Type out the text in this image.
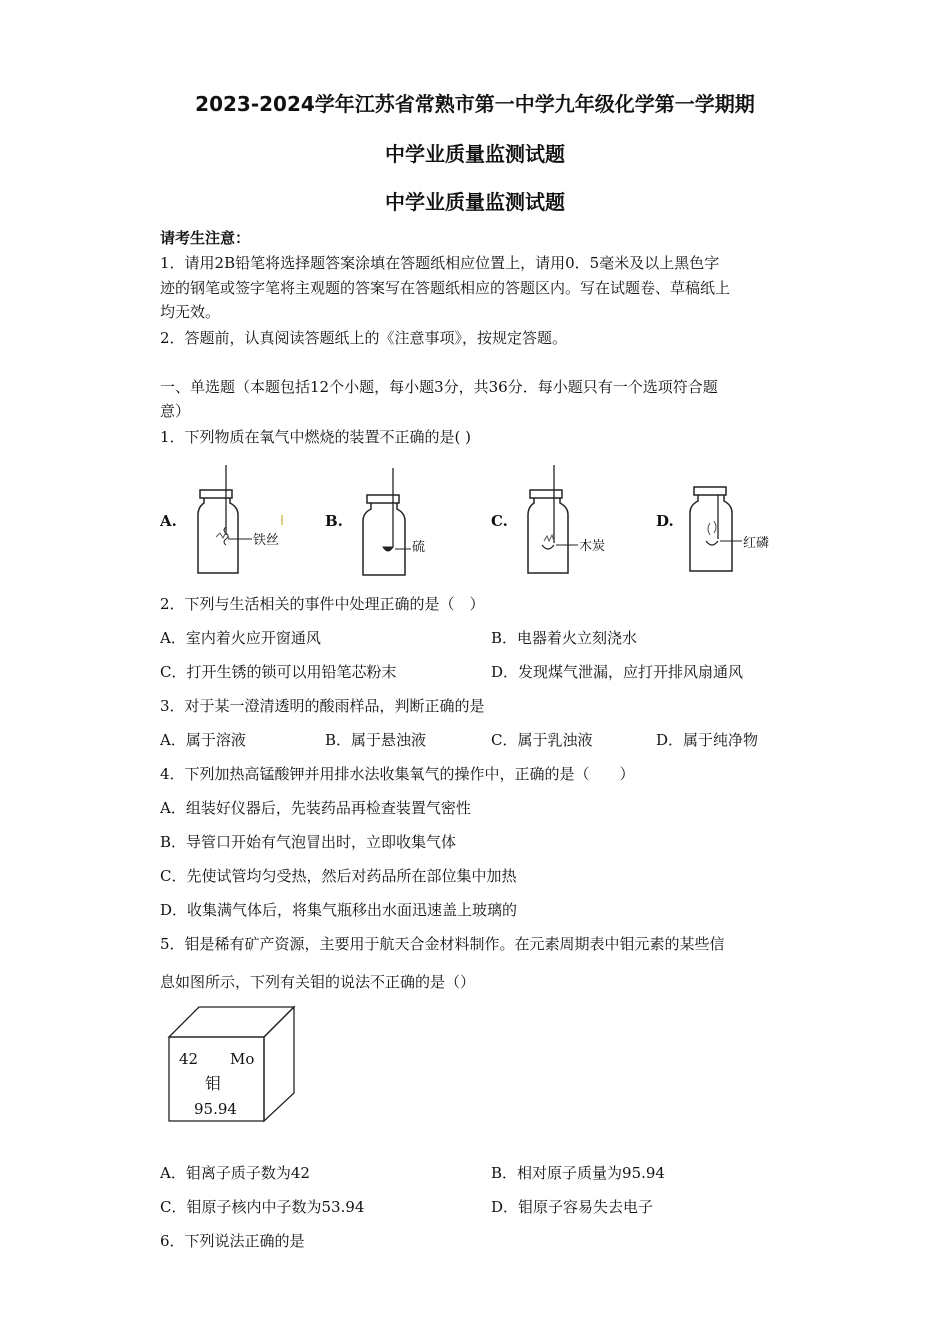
2023-2024学年江苏省常熟市第一中学九年级化学第一学期期
中学业质量监测试题
中学业质量监测试题
请考生注意：
1．请用2B铅笔将选择题答案涂填在答题纸相应位置上，请用0．5毫米及以上黑色字
迹的钢笔或签字笔将主观题的答案写在答题纸相应的答题区内。写在试题卷、草稿纸上
均无效。
2．答题前，认真阅读答题纸上的《注意事项》，按规定答题。
一、单选题（本题包括12个小题，每小题3分，共36分．每小题只有一个选项符合题
意）
1．下列物质在氧气中燃烧的装置不正确的是( )
A.
铁丝
B.
硫
C.
木炭
D.
红磷
2．下列与生活相关的事件中处理正确的是（　）
A．室内着火应开窗通风	B．电器着火立刻浇水
C．打开生锈的锁可以用铅笔芯粉末	D．发现煤气泄漏，应打开排风扇通风
3．对于某一澄清透明的酸雨样品，判断正确的是
A．属于溶液	B．属于悬浊液	C．属于乳浊液	D．属于纯净物
4．下列加热高锰酸钾并用排水法收集氧气的操作中，正确的是（　　）
A．组装好仪器后，先装药品再检查装置气密性
B．导管口开始有气泡冒出时，立即收集气体
C．先使试管均匀受热，然后对药品所在部位集中加热
D．收集满气体后，将集气瓶移出水面迅速盖上玻璃的
5．钼是稀有矿产资源，主要用于航天合金材料制作。在元素周期表中钼元素的某些信
息如图所示，下列有关钼的说法不正确的是（）
42 Mo
钼
95.94
A．钼离子质子数为42	B．相对原子质量为95.94
C．钼原子核内中子数为53.94	D．钼原子容易失去电子
6．下列说法正确的是
